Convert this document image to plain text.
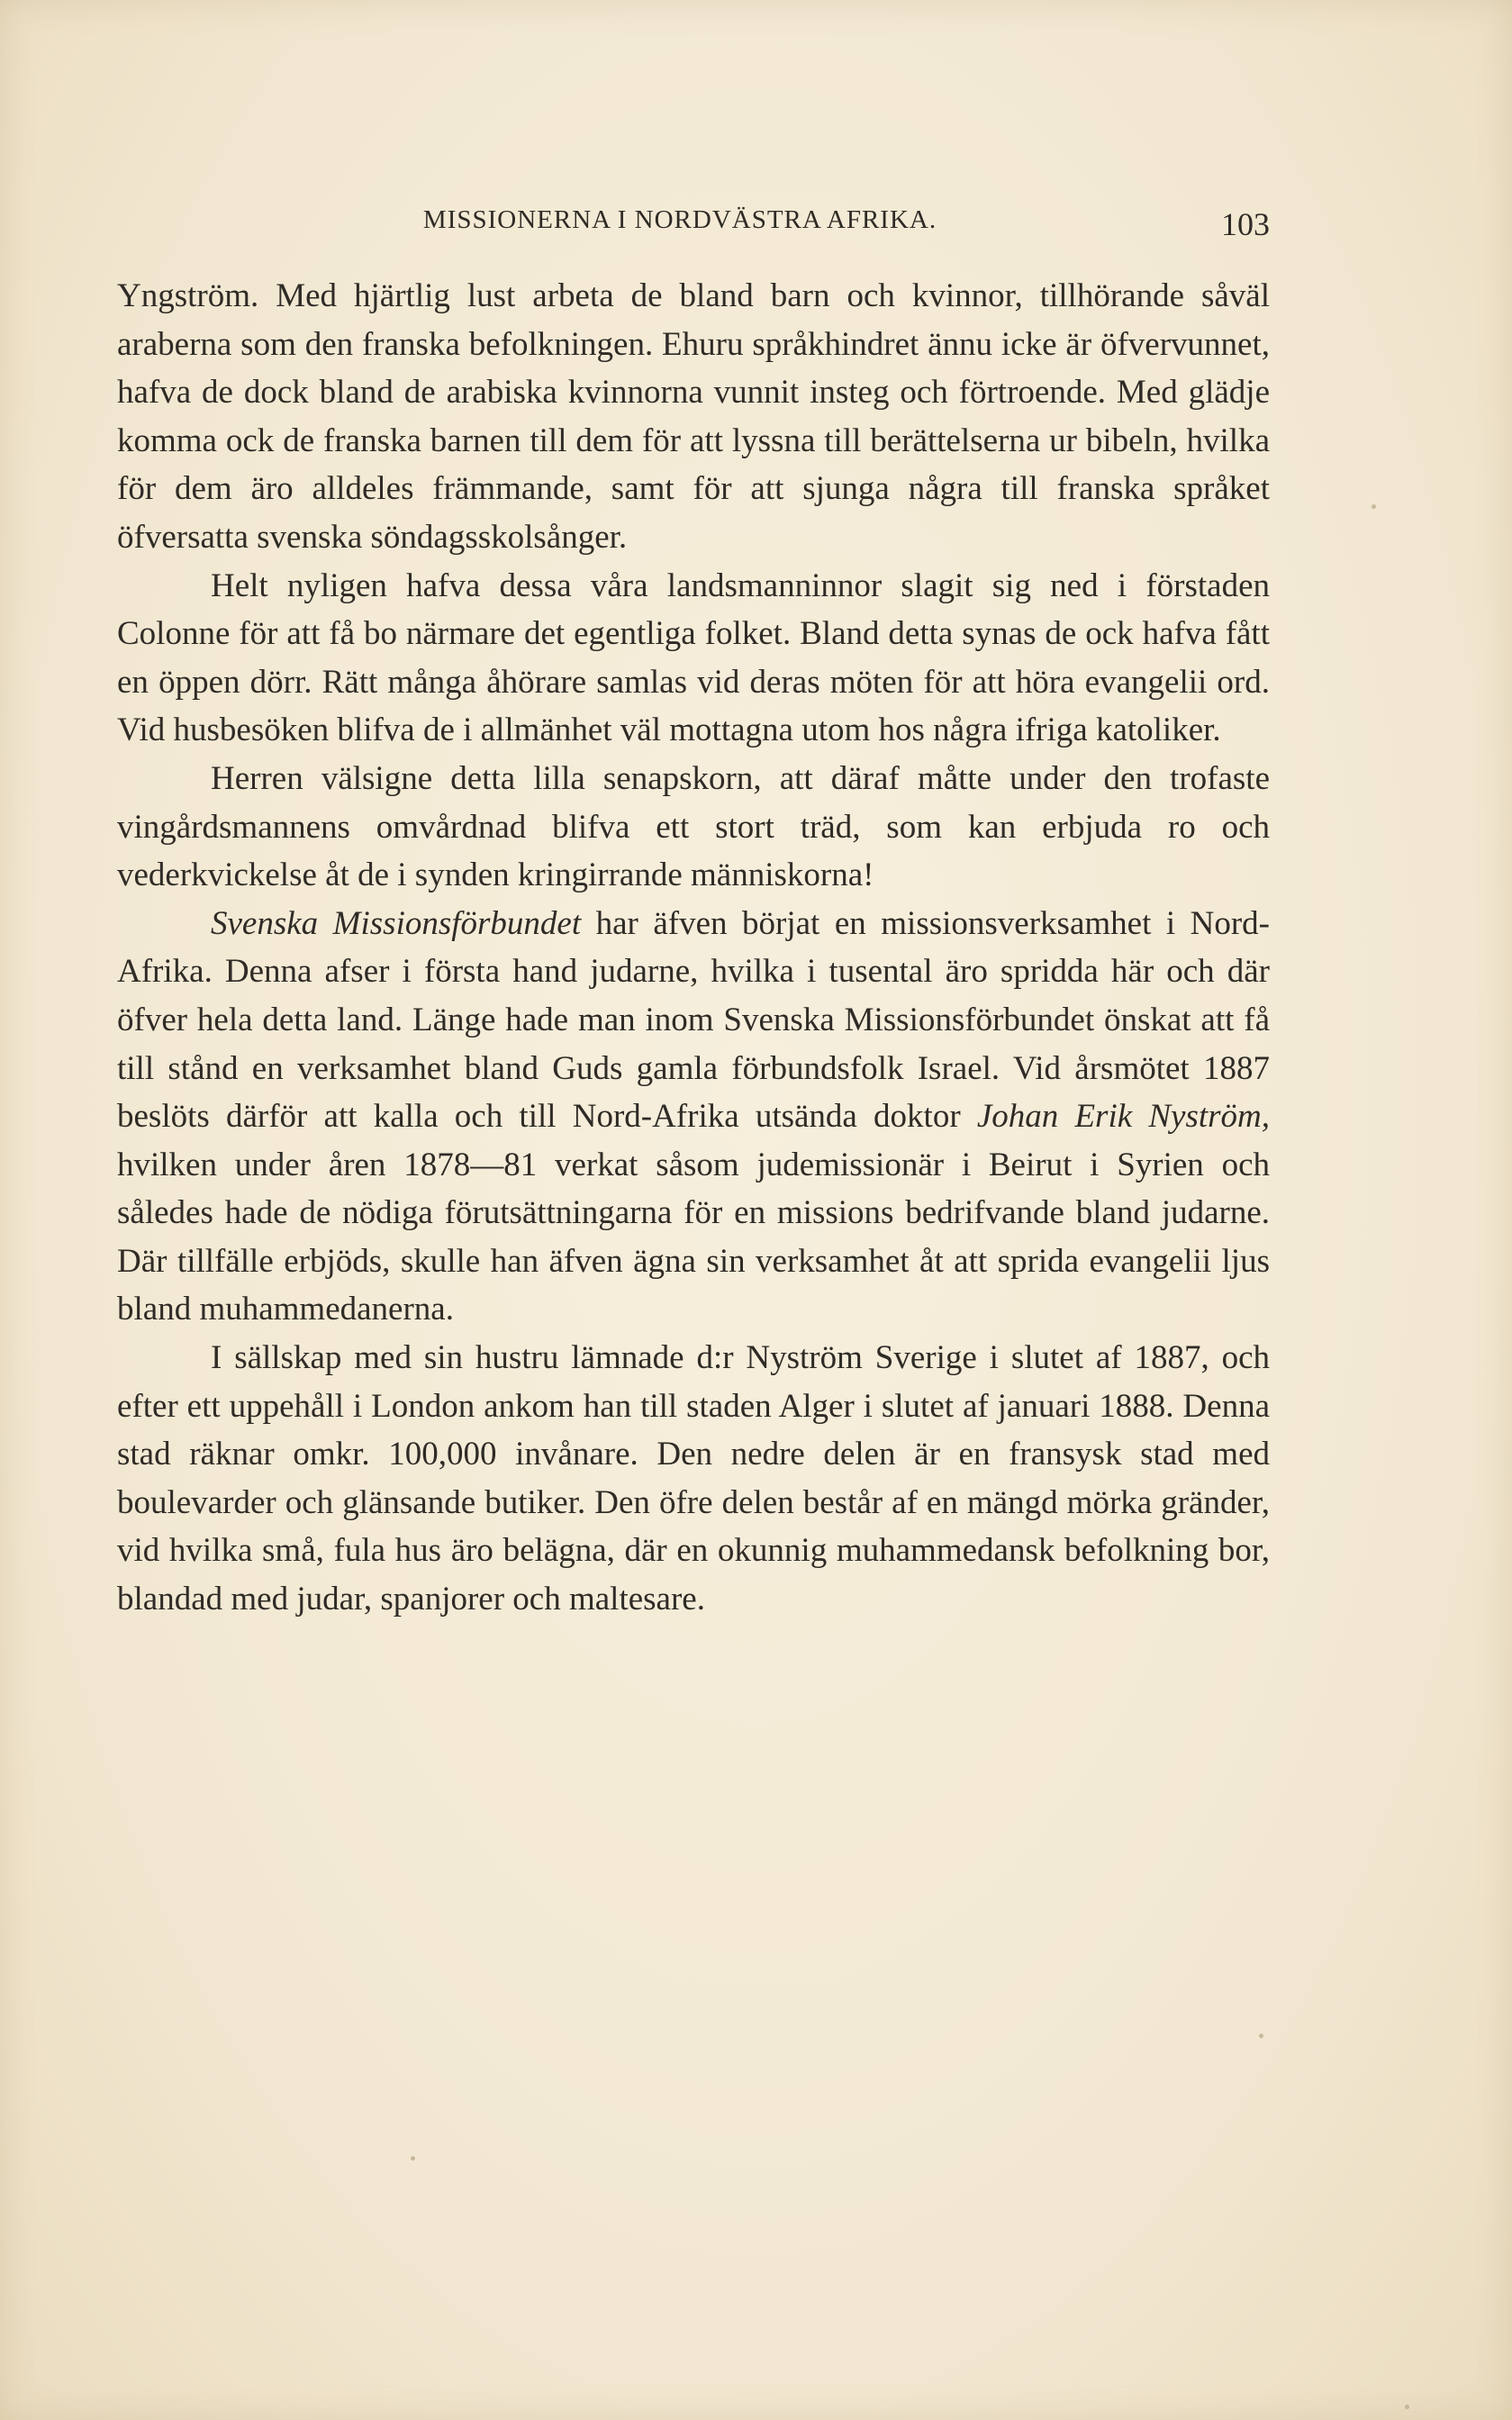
MISSIONERNA I NORDVÄSTRA AFRIKA.	103

Yngström. Med hjärtlig lust arbeta de bland barn och kvinnor, tillhörande såväl araberna som den franska befolkningen. Ehuru språkhindret ännu icke är öfvervunnet, hafva de dock bland de arabiska kvinnorna vunnit insteg och förtroende. Med glädje komma ock de franska barnen till dem för att lyssna till berättelserna ur bibeln, hvilka för dem äro alldeles främmande, samt för att sjunga några till franska språket öfversatta svenska söndagsskolsånger.

Helt nyligen hafva dessa våra landsmanninnor slagit sig ned i förstaden Colonne för att få bo närmare det egentliga folket. Bland detta synas de ock hafva fått en öppen dörr. Rätt många åhörare samlas vid deras möten för att höra evangelii ord. Vid husbesöken blifva de i allmänhet väl mottagna utom hos några ifriga katoliker.

Herren välsigne detta lilla senapskorn, att däraf måtte under den trofaste vingårdsmannens omvårdnad blifva ett stort träd, som kan erbjuda ro och vederkvickelse åt de i synden kringirrande människorna!

Svenska Missionsförbundet har äfven börjat en missionsverksamhet i Nord-Afrika. Denna afser i första hand judarne, hvilka i tusental äro spridda här och där öfver hela detta land. Länge hade man inom Svenska Missionsförbundet önskat att få till stånd en verksamhet bland Guds gamla förbundsfolk Israel. Vid årsmötet 1887 beslöts därför att kalla och till Nord-Afrika utsända doktor Johan Erik Nyström, hvilken under åren 1878—81 verkat såsom judemissionär i Beirut i Syrien och således hade de nödiga förutsättningarna för en missions bedrifvande bland judarne. Där tillfälle erbjöds, skulle han äfven ägna sin verksamhet åt att sprida evangelii ljus bland muhammedanerna.

I sällskap med sin hustru lämnade d:r Nyström Sverige i slutet af 1887, och efter ett uppehåll i London ankom han till staden Alger i slutet af januari 1888. Denna stad räknar omkr. 100,000 invånare. Den nedre delen är en fransysk stad med boulevarder och glänsande butiker. Den öfre delen består af en mängd mörka gränder, vid hvilka små, fula hus äro belägna, där en okunnig muhammedansk befolkning bor, blandad med judar, spanjorer och maltesare.
